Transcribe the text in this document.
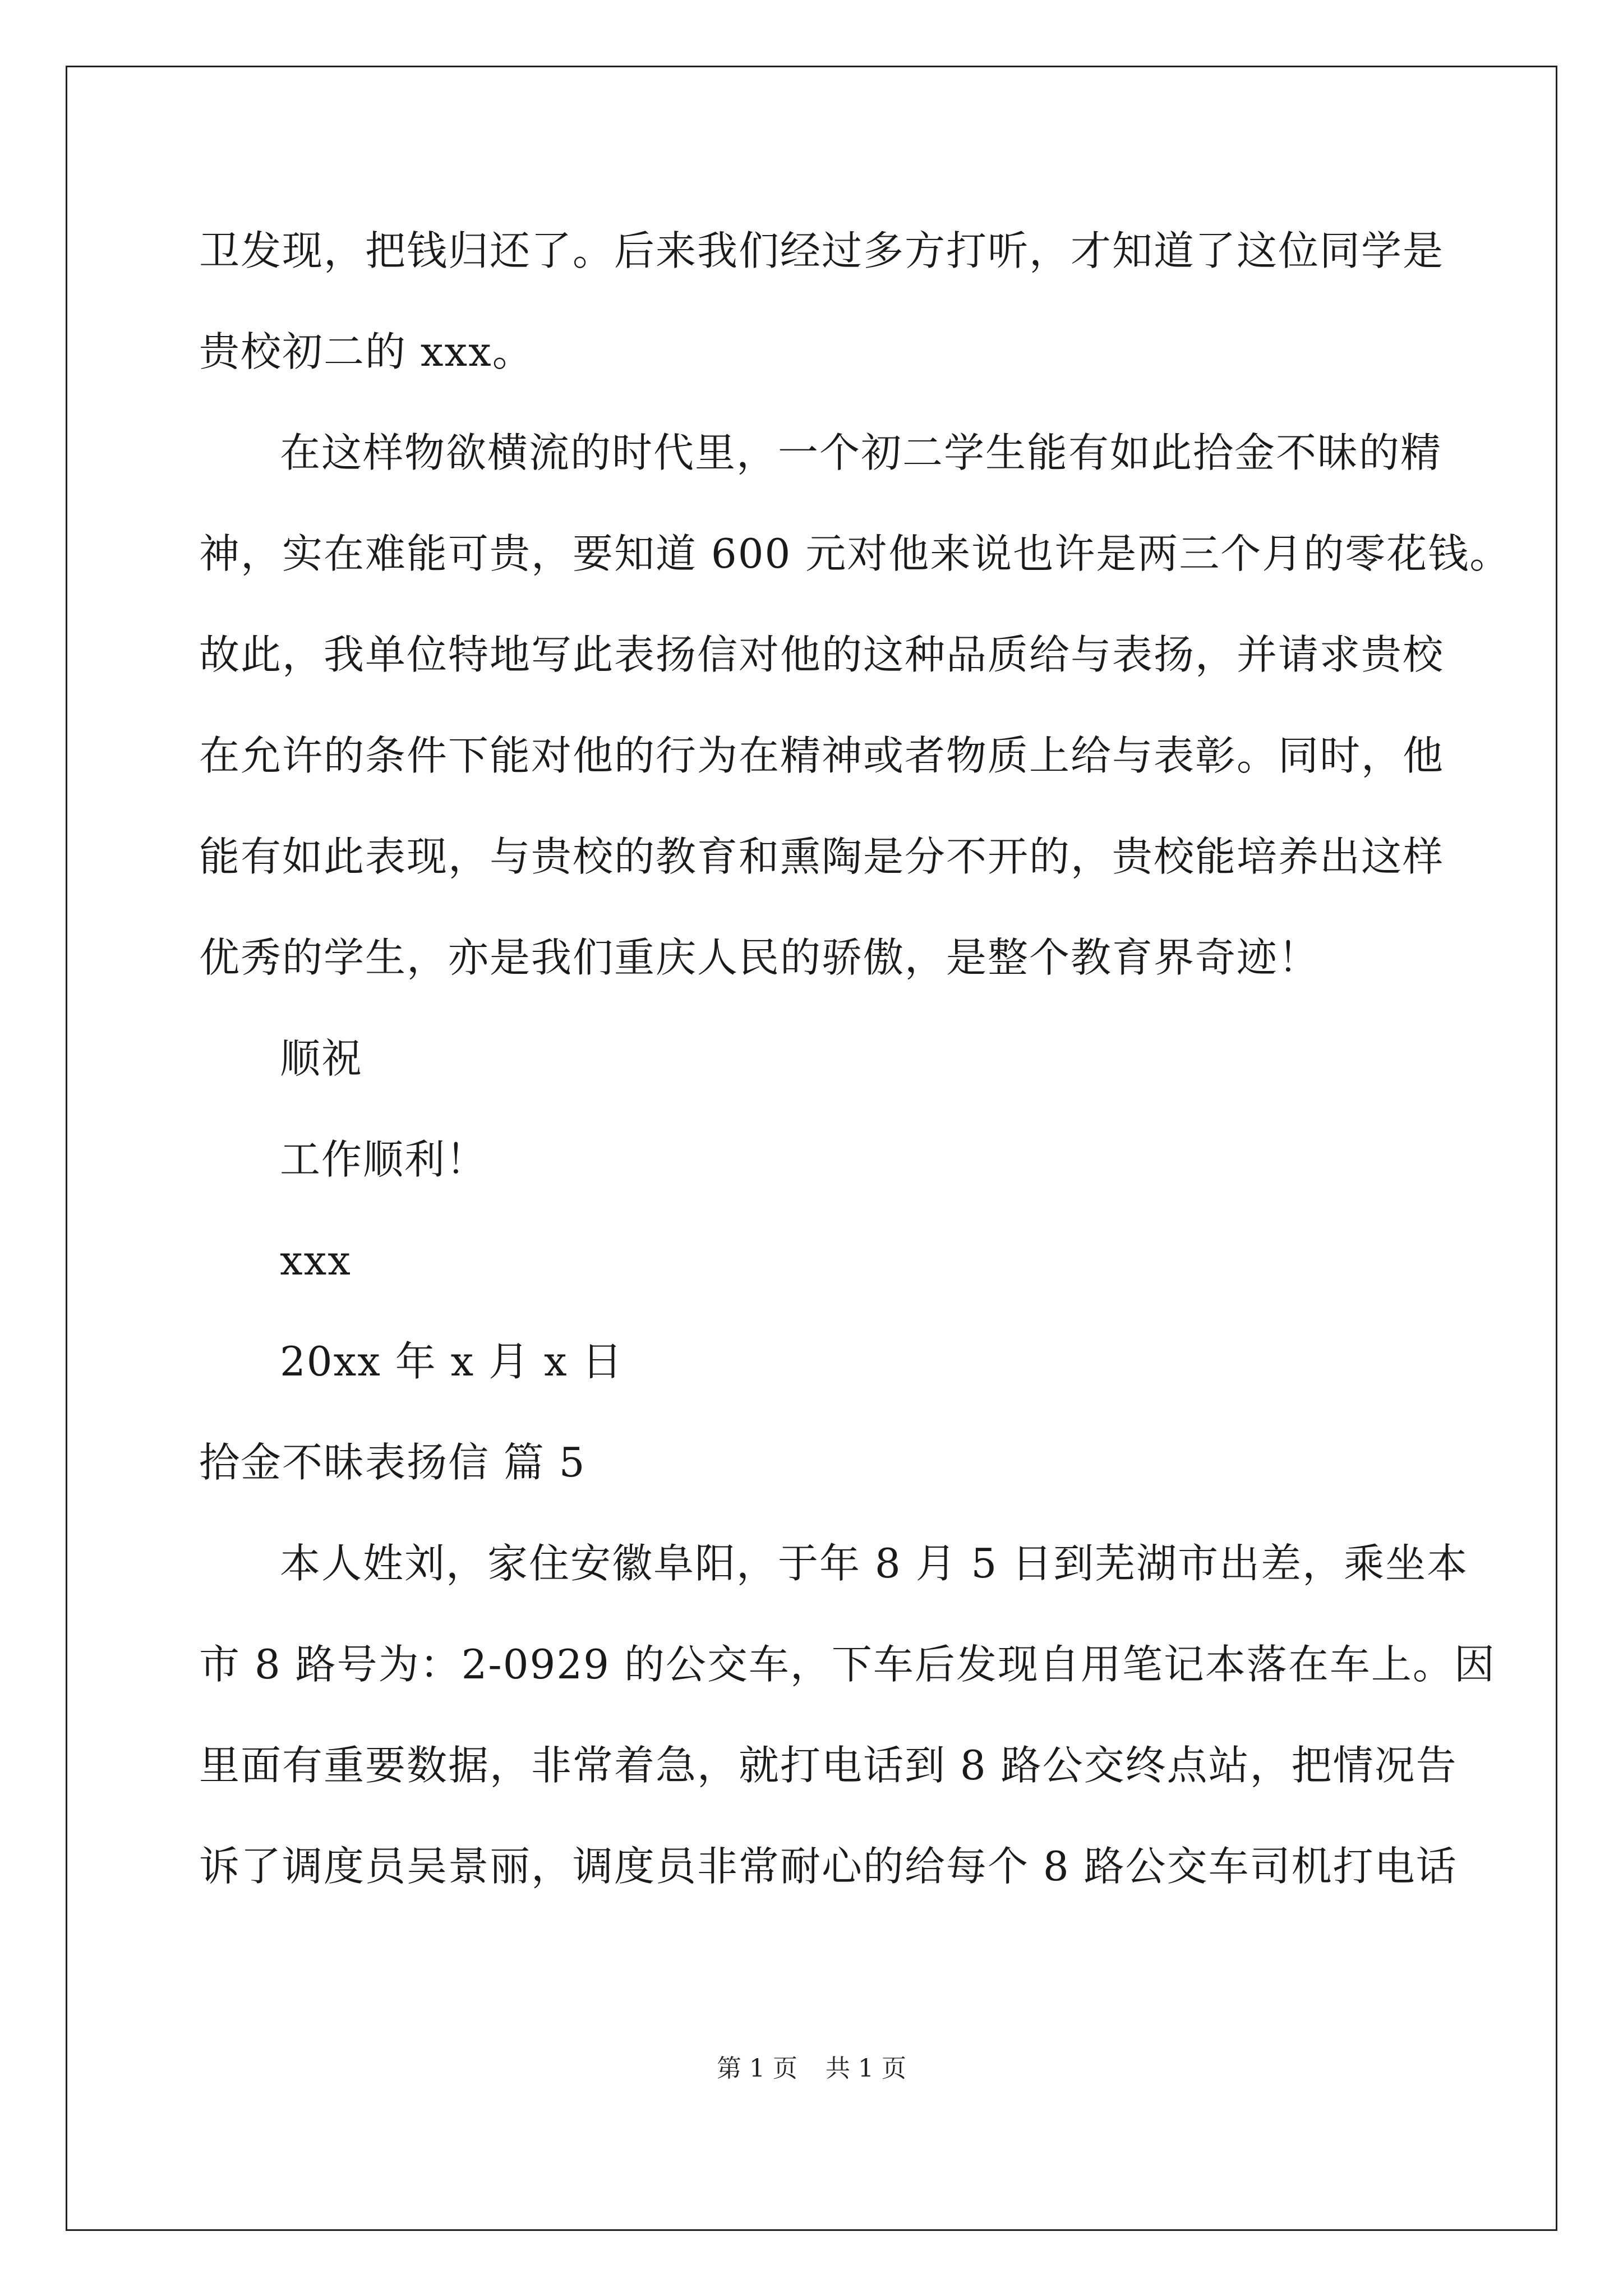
卫发现，把钱归还了。后来我们经过多方打听，才知道了这位同学是
贵校初二的 xxx。
在这样物欲横流的时代里，一个初二学生能有如此拾金不昧的精
神，实在难能可贵，要知道 600 元对他来说也许是两三个月的零花钱。
故此，我单位特地写此表扬信对他的这种品质给与表扬，并请求贵校
在允许的条件下能对他的行为在精神或者物质上给与表彰。同时，他
能有如此表现，与贵校的教育和熏陶是分不开的，贵校能培养出这样
优秀的学生，亦是我们重庆人民的骄傲，是整个教育界奇迹！
顺祝
工作顺利！
xxx
20xx 年 x 月 x 日
拾金不昧表扬信 篇 5
本人姓刘，家住安徽阜阳，于年 8 月 5 日到芜湖市出差，乘坐本
市 8 路号为：2-0929 的公交车，下车后发现自用笔记本落在车上。因
里面有重要数据，非常着急，就打电话到 8 路公交终点站，把情况告
诉了调度员吴景丽，调度员非常耐心的给每个 8 路公交车司机打电话
第 1 页 共 1 页
